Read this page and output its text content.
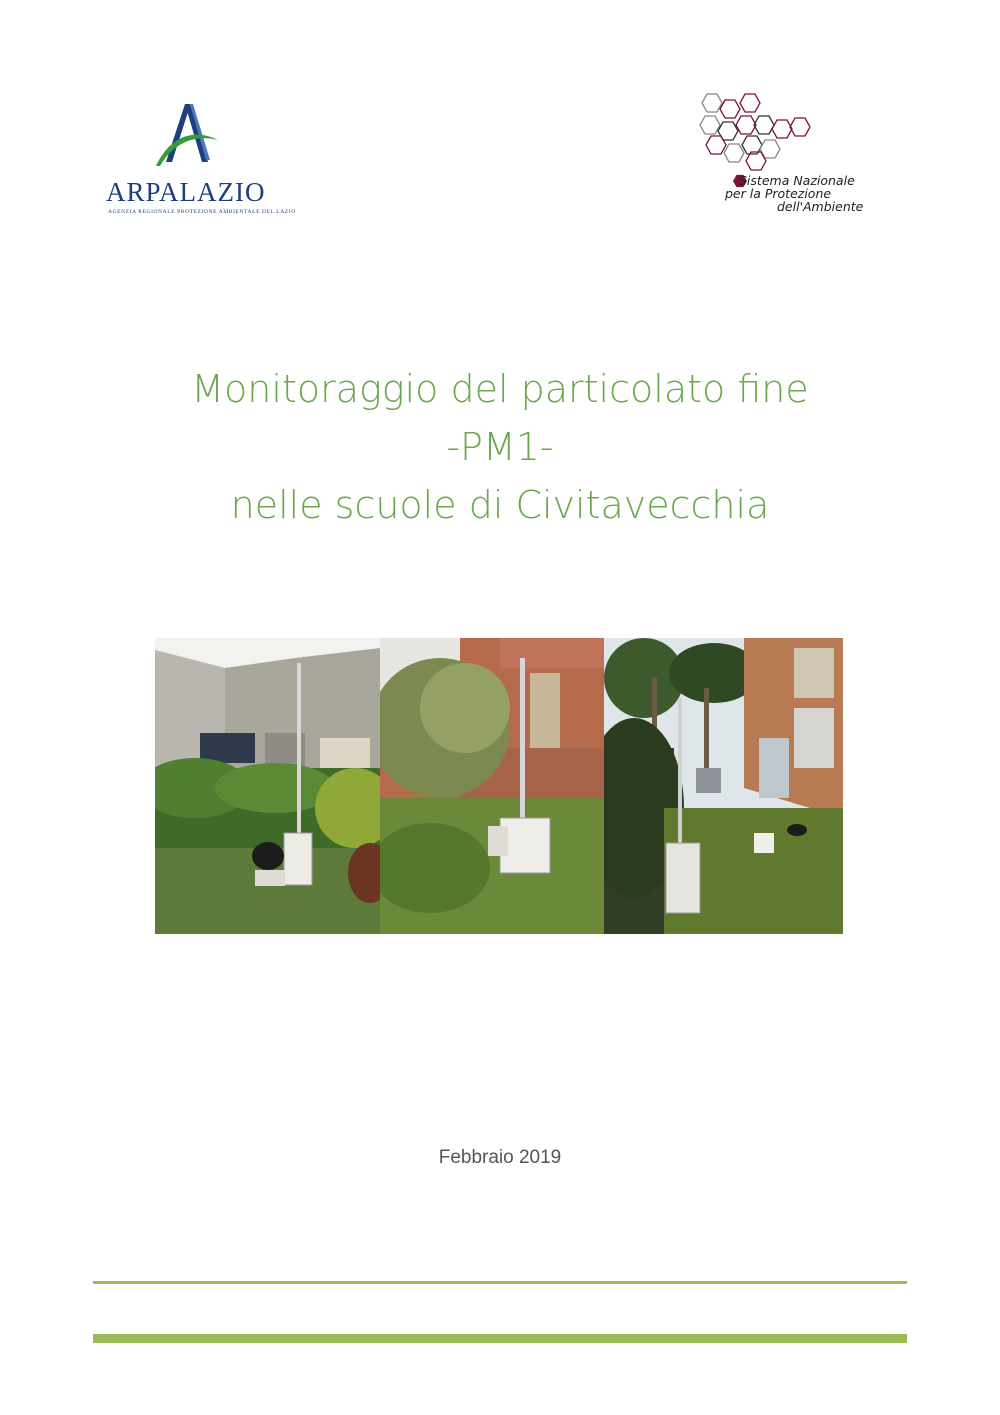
ARPALAZIO
AGENZIA REGIONALE PROTEZIONE AMBIENTALE DEL LAZIO
Sistema Nazionale
per la Protezione
dell'Ambiente
Monitoraggio del particolato fine
-PM1-
nelle scuole di Civitavecchia
Febbraio 2019
